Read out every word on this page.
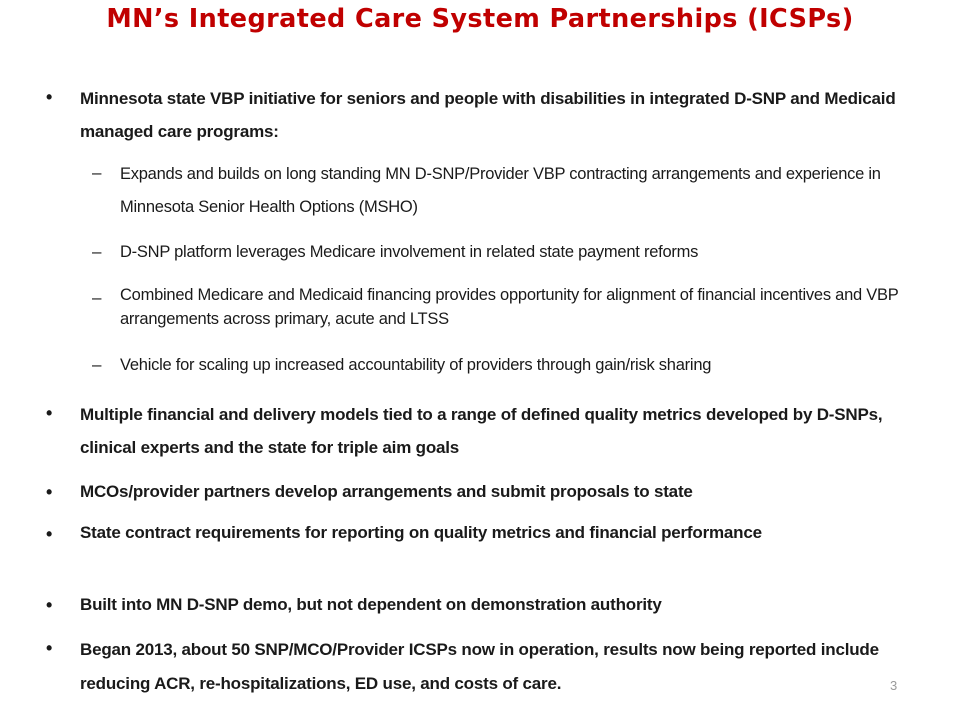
MN’s Integrated Care System Partnerships (ICSPs)
• Minnesota state VBP initiative for seniors and people with disabilities in integrated D-SNP and Medicaid managed care programs:
– Expands and builds on long standing MN D-SNP/Provider VBP contracting arrangements and experience in Minnesota Senior Health Options (MSHO)
– D-SNP platform leverages Medicare involvement in related state payment reforms
– Combined Medicare and Medicaid financing provides opportunity for alignment of financial incentives and VBP arrangements across primary, acute and LTSS
– Vehicle for scaling up increased accountability of providers through gain/risk sharing
• Multiple financial and delivery models tied to a range of defined quality metrics developed by D-SNPs, clinical experts and the state for triple aim goals
• MCOs/provider partners develop arrangements and submit proposals to state
• State contract requirements for reporting on quality metrics and financial performance
• Built into MN D-SNP demo, but not dependent on demonstration authority
• Began 2013, about 50 SNP/MCO/Provider ICSPs now in operation, results now being reported include reducing ACR, re-hospitalizations, ED use, and costs of care.	3
